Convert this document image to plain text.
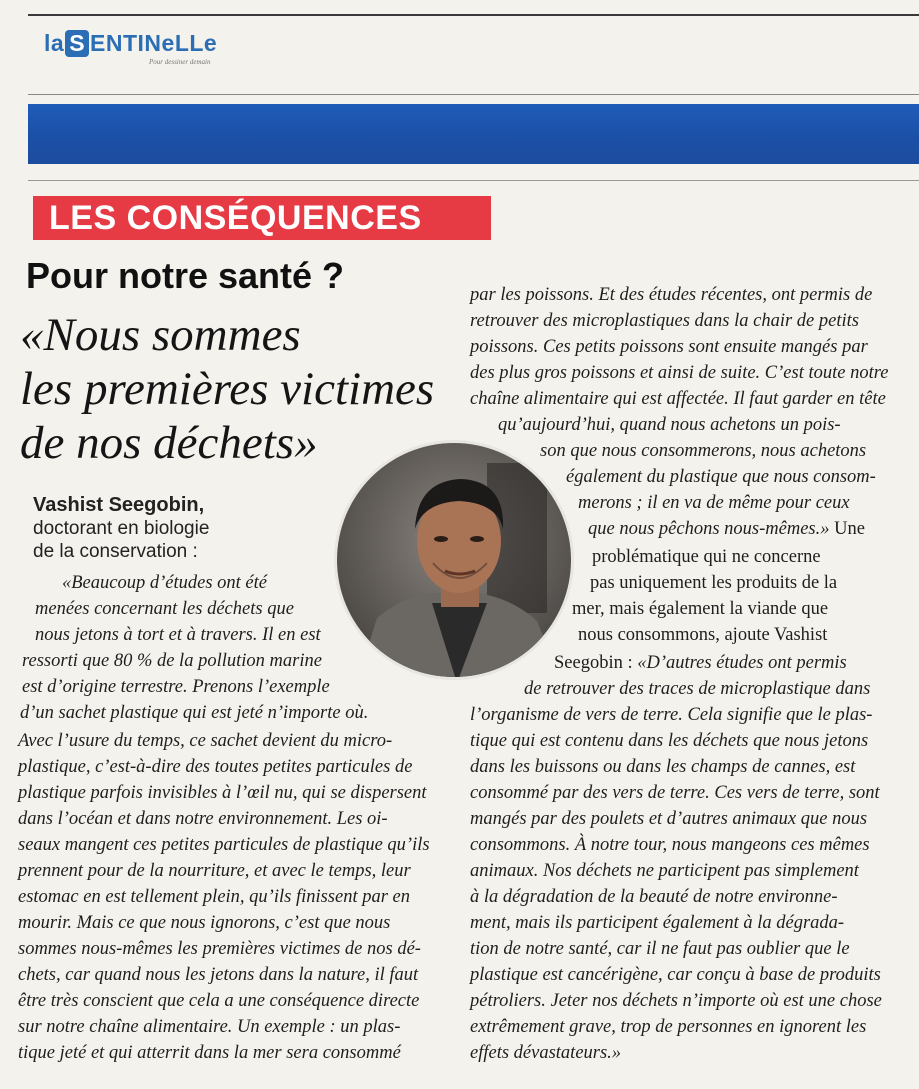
la S ENTINeLLe
Pour dessiner demain
LES CONSÉQUENCES
Pour notre santé ?
«Nous sommes
les premières victimes
de nos déchets»
Vashist Seegobin,
doctorant en biologie
de la conservation :
«Beaucoup d’études ont été
menées concernant les déchets que
nous jetons à tort et à travers. Il en est
ressorti que 80 % de la pollution marine
est d’origine terrestre. Prenons l’exemple
d’un sachet plastique qui est jeté n’importe où.
Avec l’usure du temps, ce sachet devient du micro-
plastique, c’est-à-dire des toutes petites particules de
plastique parfois invisibles à l’œil nu, qui se dispersent
dans l’océan et dans notre environnement. Les oi-
seaux mangent ces petites particules de plastique qu’ils
prennent pour de la nourriture, et avec le temps, leur
estomac en est tellement plein, qu’ils finissent par en
mourir. Mais ce que nous ignorons, c’est que nous
sommes nous-mêmes les premières victimes de nos dé-
chets, car quand nous les jetons dans la nature, il faut
être très conscient que cela a une conséquence directe
sur notre chaîne alimentaire. Un exemple : un plas-
tique jeté et qui atterrit dans la mer sera consommé
par les poissons. Et des études récentes, ont permis de
retrouver des microplastiques dans la chair de petits
poissons. Ces petits poissons sont ensuite mangés par
des plus gros poissons et ainsi de suite. C’est toute notre
chaîne alimentaire qui est affectée. Il faut garder en tête
qu’aujourd’hui, quand nous achetons un pois-
son que nous consommerons, nous achetons
également du plastique que nous consom-
merons ; il en va de même pour ceux
que nous pêchons nous-mêmes.» Une
problématique qui ne concerne
pas uniquement les produits de la
mer, mais également la viande que
nous consommons, ajoute Vashist
Seegobin : «D’autres études ont permis
de retrouver des traces de microplastique dans
l’organisme de vers de terre. Cela signifie que le plas-
tique qui est contenu dans les déchets que nous jetons
dans les buissons ou dans les champs de cannes, est
consommé par des vers de terre. Ces vers de terre, sont
mangés par des poulets et d’autres animaux que nous
consommons. À notre tour, nous mangeons ces mêmes
animaux. Nos déchets ne participent pas simplement
à la dégradation de la beauté de notre environne-
ment, mais ils participent également à la dégrada-
tion de notre santé, car il ne faut pas oublier que le
plastique est cancérigène, car conçu à base de produits
pétroliers. Jeter nos déchets n’importe où est une chose
extrêmement grave, trop de personnes en ignorent les
effets dévastateurs.»
